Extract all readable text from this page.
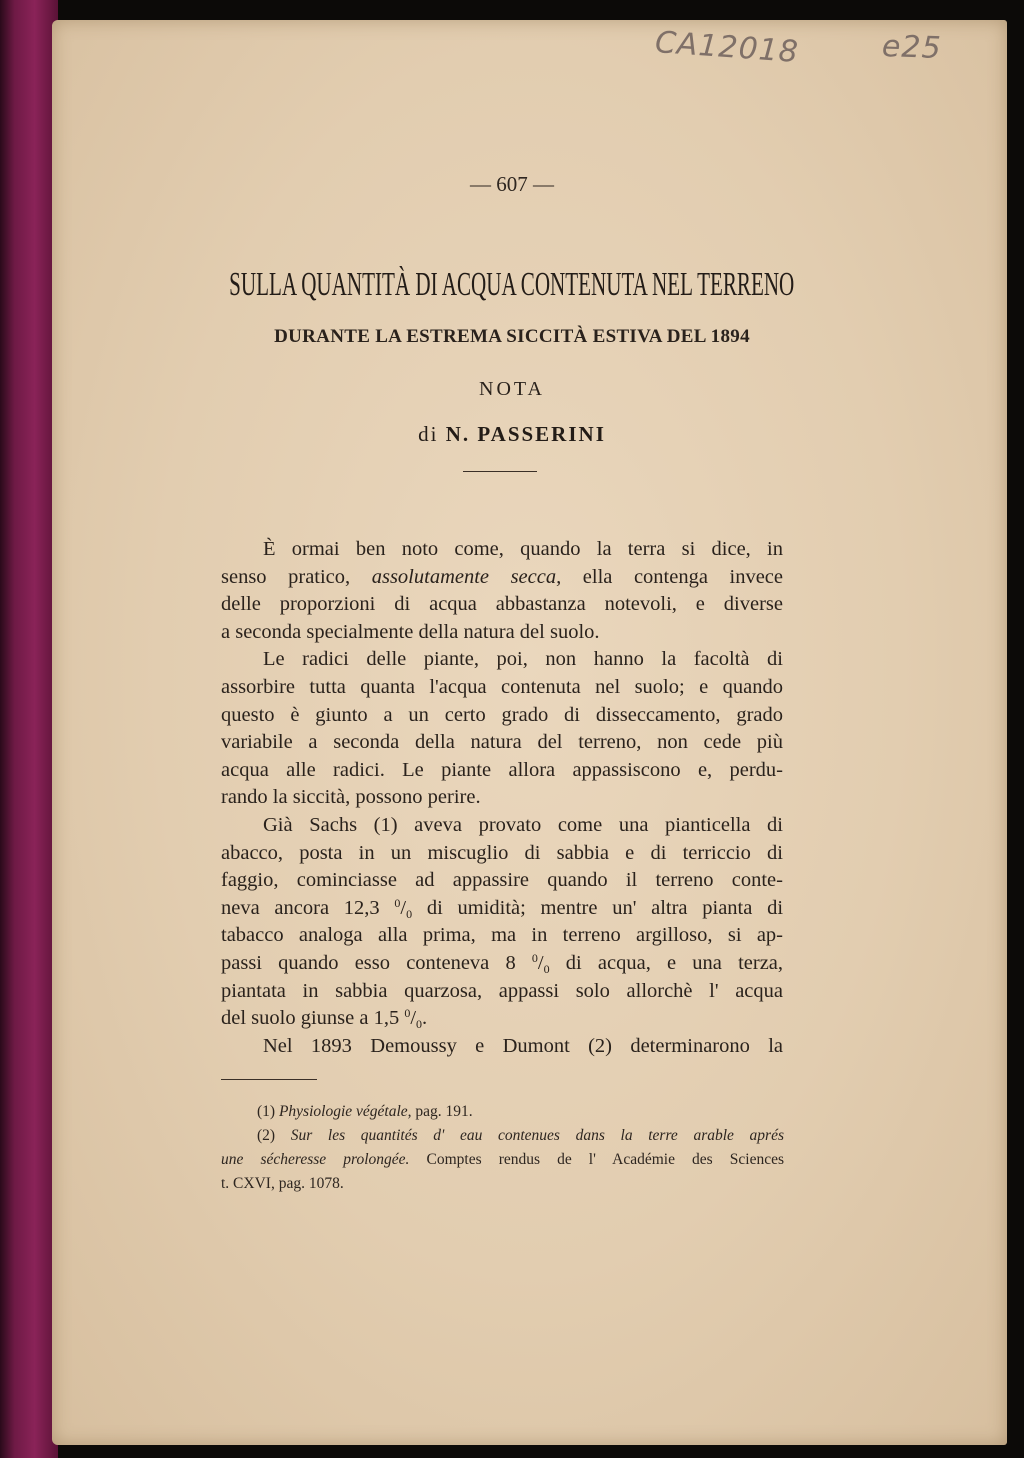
CA12018	e25
— 607 —
SULLA QUANTITÀ DI ACQUA CONTENUTA NEL TERRENO
DURANTE LA ESTREMA SICCITÀ ESTIVA DEL 1894
NOTA
di N. PASSERINI
È ormai ben noto come, quando la terra si dice, in
senso pratico, assolutamente secca, ella contenga invece
delle proporzioni di acqua abbastanza notevoli, e diverse
a seconda specialmente della natura del suolo.
Le radici delle piante, poi, non hanno la facoltà di
assorbire tutta quanta l'acqua contenuta nel suolo; e quando
questo è giunto a un certo grado di disseccamento, grado
variabile a seconda della natura del terreno, non cede più
acqua alle radici. Le piante allora appassiscono e, perdu-
rando la siccità, possono perire.
Già Sachs (1) aveva provato come una pianticella di
abacco, posta in un miscuglio di sabbia e di terriccio di
faggio, cominciasse ad appassire quando il terreno conte-
neva ancora 12,3 $^0$/0 di umidità; mentre un' altra pianta di
tabacco analoga alla prima, ma in terreno argilloso, si ap-
passi quando esso conteneva 8 $^0$/0 di acqua, e una terza,
piantata in sabbia quarzosa, appassi solo allorchè l' acqua
del suolo giunse a 1,5 $^0$/0.
Nel 1893 Demoussy e Dumont (2) determinarono la
(1) Physiologie végétale, pag. 191.
(2) Sur les quantités d' eau contenues dans la terre arable aprés
une sécheresse prolongée. Comptes rendus de l' Académie des Sciences
t. CXVI, pag. 1078.
